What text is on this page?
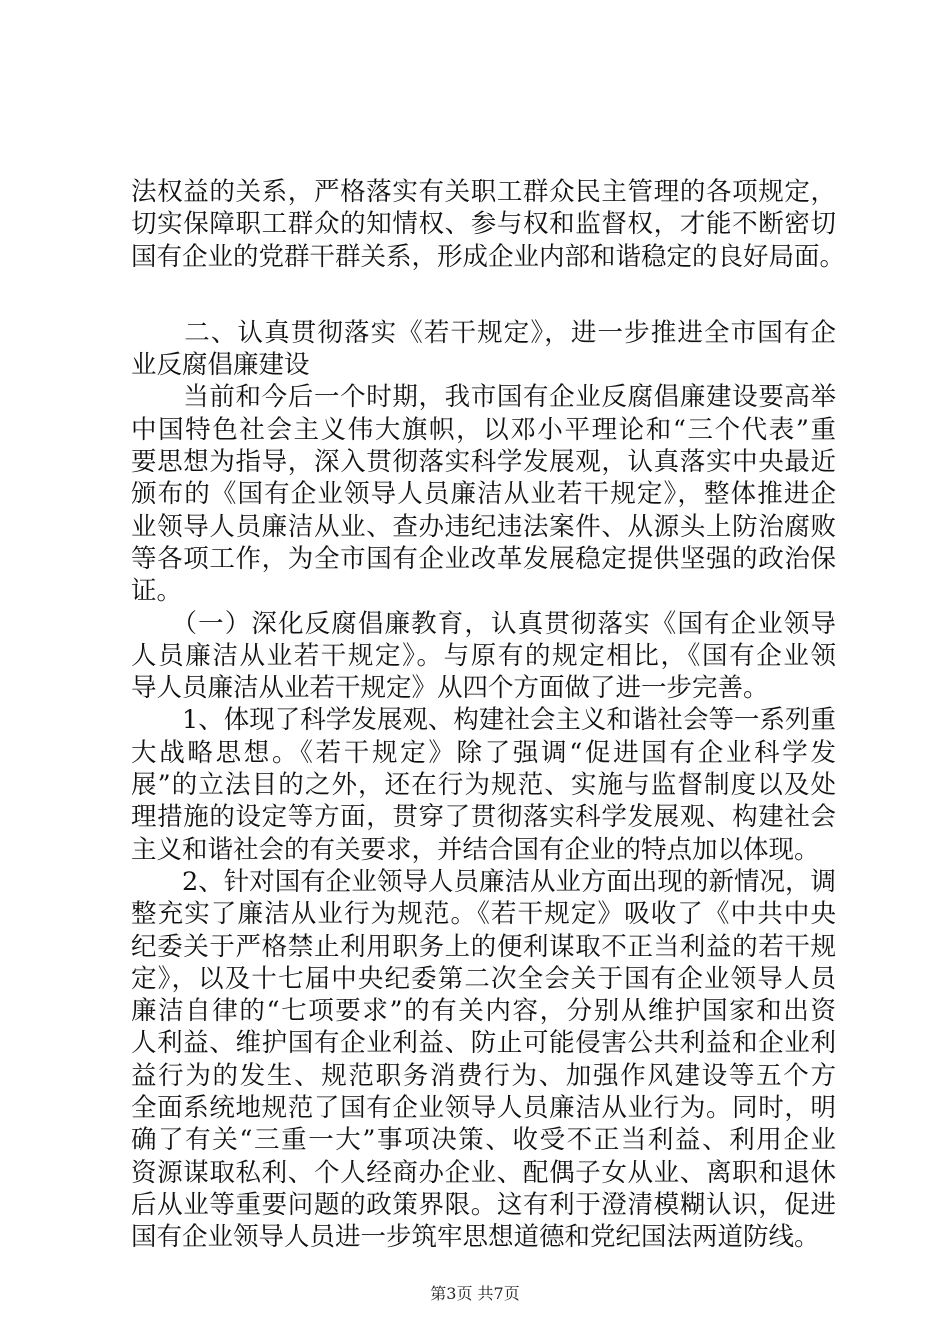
法权益的关系，严格落实有关职工群众民主管理的各项规定，
切实保障职工群众的知情权、参与权和监督权，才能不断密切
国有企业的党群干群关系，形成企业内部和谐稳定的良好局面。
　　二、认真贯彻落实《若干规定》，进一步推进全市国有企
业反腐倡廉建设
　　当前和今后一个时期，我市国有企业反腐倡廉建设要高举
中国特色社会主义伟大旗帜，以邓小平理论和“三个代表”重
要思想为指导，深入贯彻落实科学发展观，认真落实中央最近
颁布的《国有企业领导人员廉洁从业若干规定》，整体推进企
业领导人员廉洁从业、查办违纪违法案件、从源头上防治腐败
等各项工作，为全市国有企业改革发展稳定提供坚强的政治保
证。
　　（一）深化反腐倡廉教育，认真贯彻落实《国有企业领导
人员廉洁从业若干规定》。与原有的规定相比，《国有企业领
导人员廉洁从业若干规定》从四个方面做了进一步完善。
　　1、体现了科学发展观、构建社会主义和谐社会等一系列重
大战略思想。《若干规定》除了强调“促进国有企业科学发
展”的立法目的之外，还在行为规范、实施与监督制度以及处
理措施的设定等方面，贯穿了贯彻落实科学发展观、构建社会
主义和谐社会的有关要求，并结合国有企业的特点加以体现。
　　2、针对国有企业领导人员廉洁从业方面出现的新情况，调
整充实了廉洁从业行为规范。《若干规定》吸收了《中共中央
纪委关于严格禁止利用职务上的便利谋取不正当利益的若干规
定》，以及十七届中央纪委第二次全会关于国有企业领导人员
廉洁自律的“七项要求”的有关内容，分别从维护国家和出资
人利益、维护国有企业利益、防止可能侵害公共利益和企业利
益行为的发生、规范职务消费行为、加强作风建设等五个方
全面系统地规范了国有企业领导人员廉洁从业行为。同时，明
确了有关“三重一大”事项决策、收受不正当利益、利用企业
资源谋取私利、个人经商办企业、配偶子女从业、离职和退休
后从业等重要问题的政策界限。这有利于澄清模糊认识，促进
国有企业领导人员进一步筑牢思想道德和党纪国法两道防线。
第3页 共7页
